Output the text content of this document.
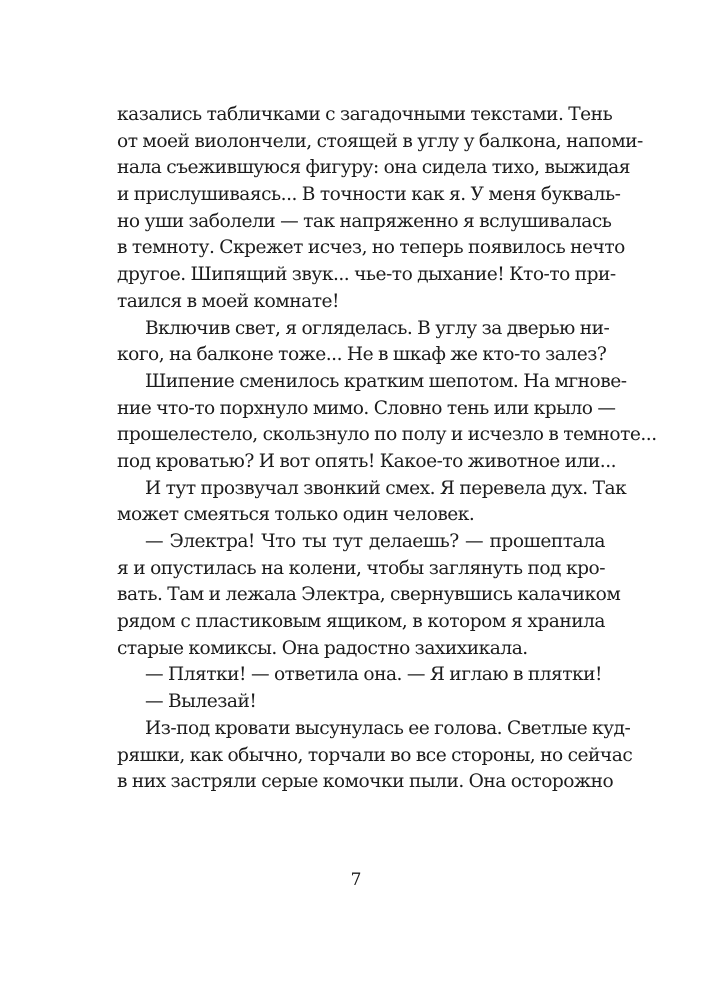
казались табличками с загадочными текстами. Тень
от моей виолончели, стоящей в углу у балкона, напоми-
нала съежившуюся фигуру: она сидела тихо, выжидая
и прислушиваясь... В точности как я. У меня букваль-
но уши заболели — так напряженно я вслушивалась
в темноту. Скрежет исчез, но теперь появилось нечто
другое. Шипящий звук... чье-то дыхание! Кто-то при-
тaился в моей комнате!
Включив свет, я огляделась. В углу за дверью ни-
кого, на балконе тоже... Не в шкаф же кто-то залез?
Шипение сменилось кратким шепотом. На мгнове-
ние что-то порхнуло мимо. Словно тень или крыло —
прошелестело, скользнуло по полу и исчезло в темноте...
под кроватью? И вот опять! Какое-то животное или...
И тут прозвучал звонкий смех. Я перевела дух. Так
может смеяться только один человек.
— Электра! Что ты тут делаешь? — прошептала
я и опустилась на колени, чтобы заглянуть под кро-
вать. Там и лежала Электра, свернувшись калачиком
рядом с пластиковым ящиком, в котором я хранила
старые комиксы. Она радостно захихикала.
— Плятки! — ответила она. — Я иглаю в плятки!
— Вылезай!
Из-под кровати высунулась ее голова. Светлые куд-
ряшки, как обычно, торчали во все стороны, но сейчас
в них застряли серые комочки пыли. Она осторожно
7
